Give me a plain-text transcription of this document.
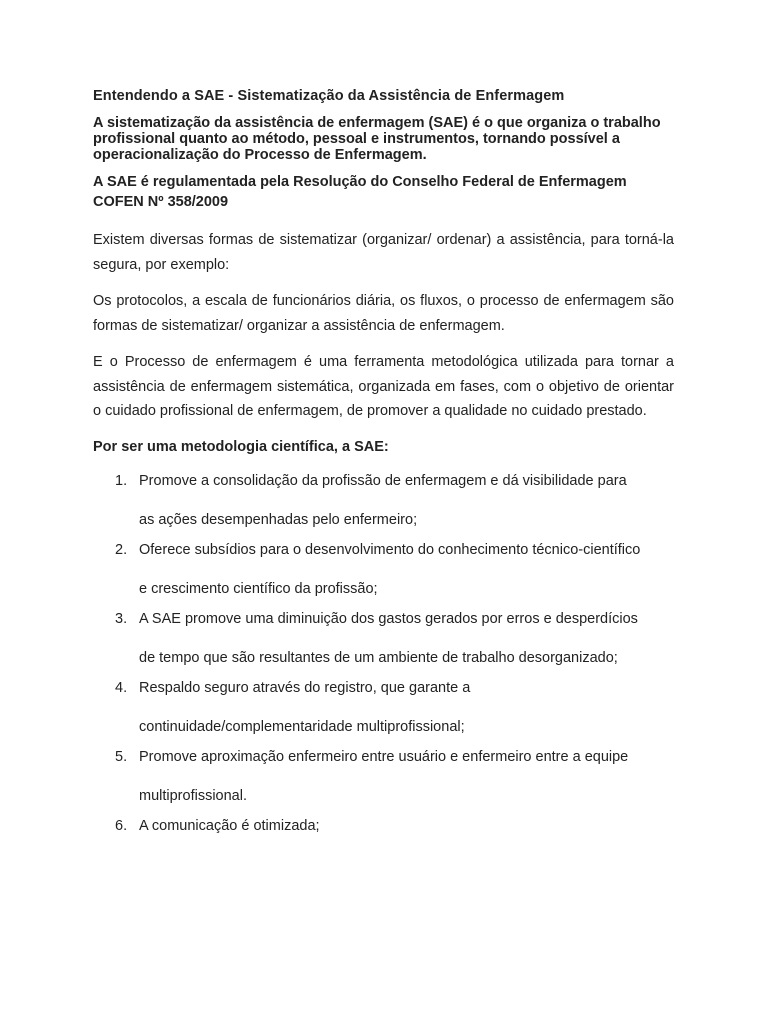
Entendendo a SAE - Sistematização da Assistência de Enfermagem
A sistematização da assistência de enfermagem (SAE) é o que organiza o trabalho profissional quanto ao método, pessoal e instrumentos, tornando possível a operacionalização do Processo de Enfermagem.
A SAE é regulamentada pela Resolução do Conselho Federal de Enfermagem COFEN Nº 358/2009

Existem diversas formas de sistematizar (organizar/ ordenar) a assistência, para torná-la segura, por exemplo:

Os protocolos, a escala de funcionários diária, os fluxos, o processo de enfermagem são formas de sistematizar/ organizar a assistência de enfermagem.

E o Processo de enfermagem é uma ferramenta metodológica utilizada para tornar a assistência de enfermagem sistemática, organizada em fases, com o objetivo de orientar o cuidado profissional de enfermagem, de promover a qualidade no cuidado prestado.

Por ser uma metodologia científica, a SAE:
1. Promove a consolidação da profissão de enfermagem e dá visibilidade para
as ações desempenhadas pelo enfermeiro;
2. Oferece subsídios para o desenvolvimento do conhecimento técnico-científico
e crescimento científico da profissão;
3. A SAE promove uma diminuição dos gastos gerados por erros e desperdícios
de tempo que são resultantes de um ambiente de trabalho desorganizado;
4. Respaldo seguro através do registro, que garante a
continuidade/complementaridade multiprofissional;
5. Promove aproximação enfermeiro entre usuário e enfermeiro entre a equipe
multiprofissional.
6. A comunicação é otimizada;
